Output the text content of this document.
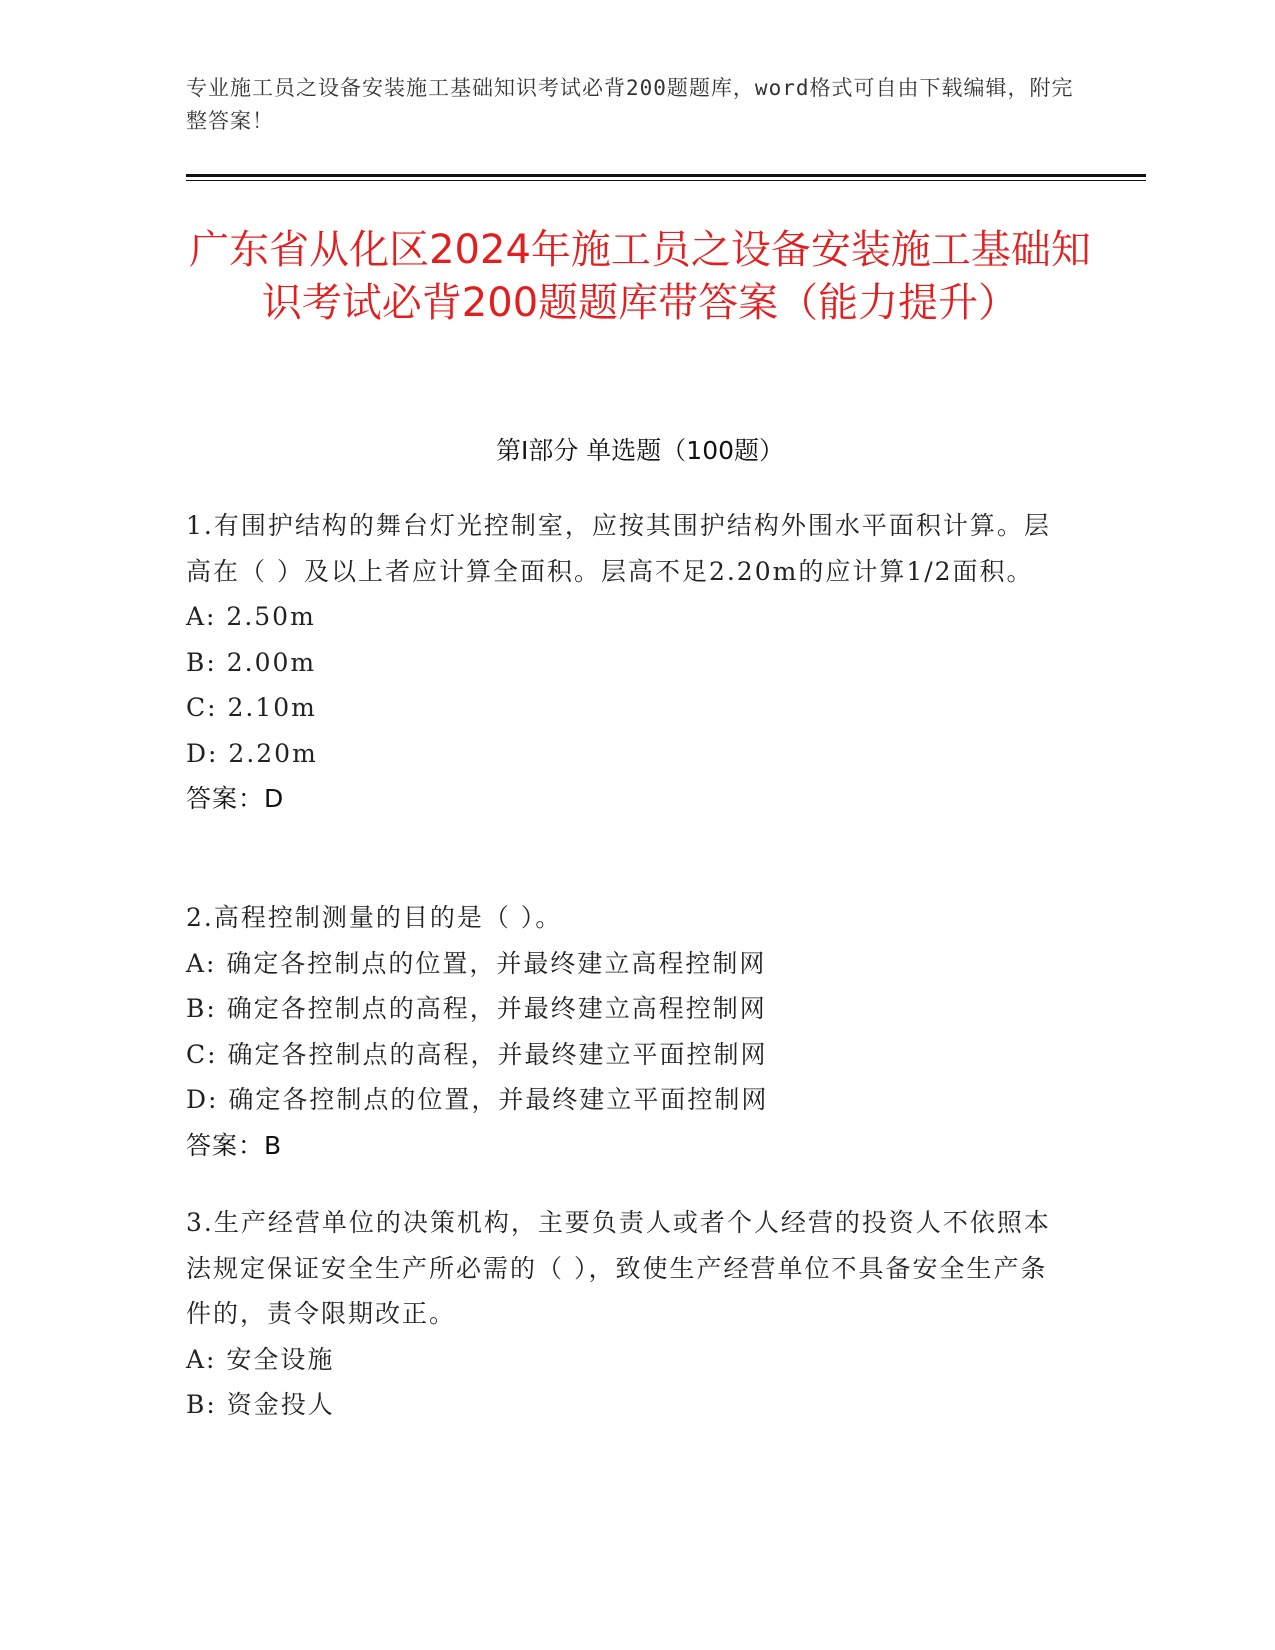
专业施工员之设备安装施工基础知识考试必背200题题库，word格式可自由下载编辑，附完整答案！
广东省从化区2024年施工员之设备安装施工基础知识考试必背200题题库带答案（能力提升）
第Ⅰ部分 单选题（100题）
1.有围护结构的舞台灯光控制室，应按其围护结构外围水平面积计算。层高在（ ）及以上者应计算全面积。层高不足2.20m的应计算1/2面积。
A: 2.50m
B: 2.00m
C: 2.10m
D: 2.20m
答案：D
2.高程控制测量的目的是（ ）。
A: 确定各控制点的位置，并最终建立高程控制网
B: 确定各控制点的高程，并最终建立高程控制网
C: 确定各控制点的高程，并最终建立平面控制网
D: 确定各控制点的位置，并最终建立平面控制网
答案：B
3.生产经营单位的决策机构，主要负责人或者个人经营的投资人不依照本法规定保证安全生产所必需的（ ），致使生产经营单位不具备安全生产条件的，责令限期改正。
A: 安全设施
B: 资金投人
